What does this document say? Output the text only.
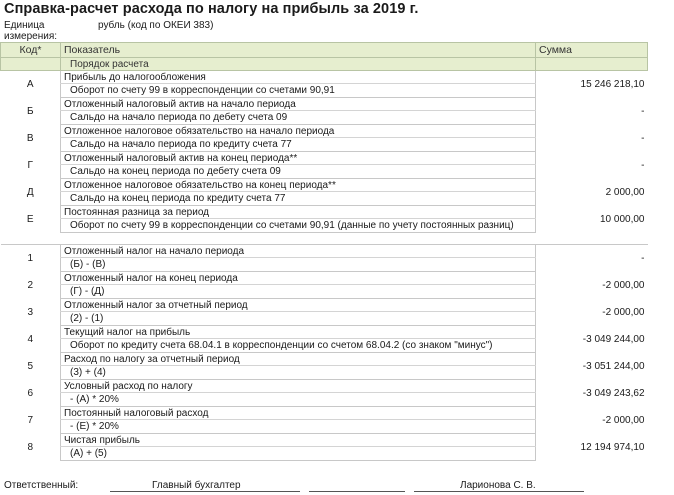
Справка-расчет расхода по налогу на прибыль за 2019 г.
Единица измерения:
рубль (код по ОКЕИ 383)
Код*	Показатель	Сумма
	Порядок расчета	
А	Прибыль до налогообложения	15 246 218,10
	Оборот по счету 99 в корреспонденции со счетами 90,91	
Б	Отложенный налоговый актив на начало периода	-
	Сальдо на начало периода по дебету счета 09	
В	Отложенное налоговое обязательство на начало периода	-
	Сальдо на начало периода по кредиту счета 77	
Г	Отложенный налоговый актив на конец периода**	-
	Сальдо на конец периода по дебету счета 09	
Д	Отложенное налоговое обязательство на конец периода**	2 000,00
	Сальдо на конец периода по кредиту счета 77	
Е	Постоянная разница за период	10 000,00
	Оборот по счету 99 в корреспонденции со счетами 90,91 (данные по учету постоянных разниц)	

1	Отложенный налог на начало периода	-
	(Б) - (В)	
2	Отложенный налог на конец периода	-2 000,00
	(Г) - (Д)	
3	Отложенный налог за отчетный период	-2 000,00
	(2) - (1)	
4	Текущий налог на прибыль	-3 049 244,00
	Оборот по кредиту счета 68.04.1 в корреспонденции со счетом 68.04.2 (со знаком "минус")	
5	Расход по налогу за отчетный период	-3 051 244,00
	(3) + (4)	
6	Условный расход по налогу	-3 049 243,62
	- (А) * 20%	
7	Постоянный налоговый расход	-2 000,00
	- (Е) * 20%	
8	Чистая прибыль	12 194 974,10
	(А) + (5)	
Ответственный:	Главный бухгалтер	Ларионова С. В.
